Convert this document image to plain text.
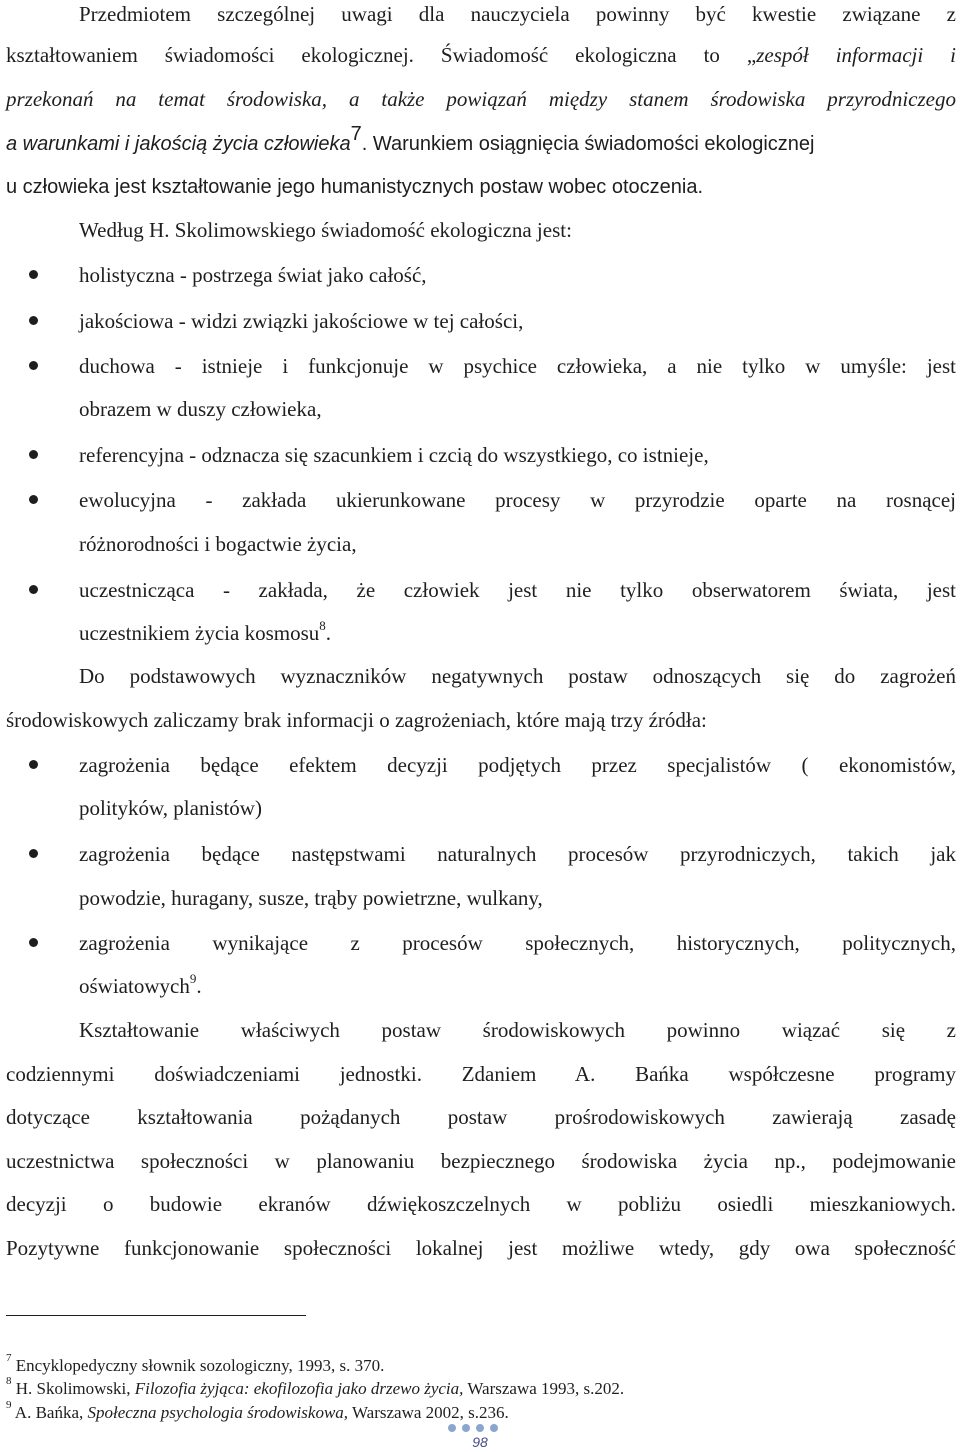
Przedmiotem szczególnej uwagi dla nauczyciela powinny być kwestie związane z
kształtowaniem świadomości ekologicznej. Świadomość ekologiczna to „zespół informacji i
przekonań na temat środowiska, a także powiązań między stanem środowiska przyrodniczego
a warunkami i jakością życia człowieka$^7$. Warunkiem osiągnięcia świadomości ekologicznej
u człowieka jest kształtowanie jego humanistycznych postaw wobec otoczenia.
Według H. Skolimowskiego świadomość ekologiczna jest:
holistyczna - postrzega świat jako całość,
jakościowa - widzi związki jakościowe w tej całości,
duchowa - istnieje i funkcjonuje w psychice człowieka, a nie tylko w umyśle: jest
obrazem w duszy człowieka,
referencyjna - odznacza się szacunkiem i czcią do wszystkiego, co istnieje,
ewolucyjna - zakłada ukierunkowane procesy w przyrodzie oparte na rosnącej
różnorodności i bogactwie życia,
uczestnicząca - zakłada, że człowiek jest nie tylko obserwatorem świata, jest
uczestnikiem życia kosmosu$^8$.
Do podstawowych wyznaczników negatywnych postaw odnoszących się do zagrożeń
środowiskowych zaliczamy brak informacji o zagrożeniach, które mają trzy źródła:
zagrożenia będące efektem decyzji podjętych przez specjalistów ( ekonomistów,
polityków, planistów)
zagrożenia będące następstwami naturalnych procesów przyrodniczych, takich jak
powodzie, huragany, susze, trąby powietrzne, wulkany,
zagrożenia wynikające z procesów społecznych, historycznych, politycznych,
oświatowych$^9$.
Kształtowanie właściwych postaw środowiskowych powinno wiązać się z
codziennymi doświadczeniami jednostki. Zdaniem A. Bańka współczesne programy
dotyczące kształtowania pożądanych postaw prośrodowiskowych zawierają zasadę
uczestnictwa społeczności w planowaniu bezpiecznego środowiska życia np., podejmowanie
decyzji o budowie ekranów dźwiękoszczelnych w pobliżu osiedli mieszkaniowych.
Pozytywne funkcjonowanie społeczności lokalnej jest możliwe wtedy, gdy owa społeczność
$^7$ Encyklopedyczny słownik sozologiczny, 1993, s. 370.
$^8$ H. Skolimowski, Filozofia żyjąca: ekofilozofia jako drzewo życia, Warszawa 1993, s.202.
$^9$ A. Bańka, Społeczna psychologia środowiskowa, Warszawa 2002, s.236.
98
